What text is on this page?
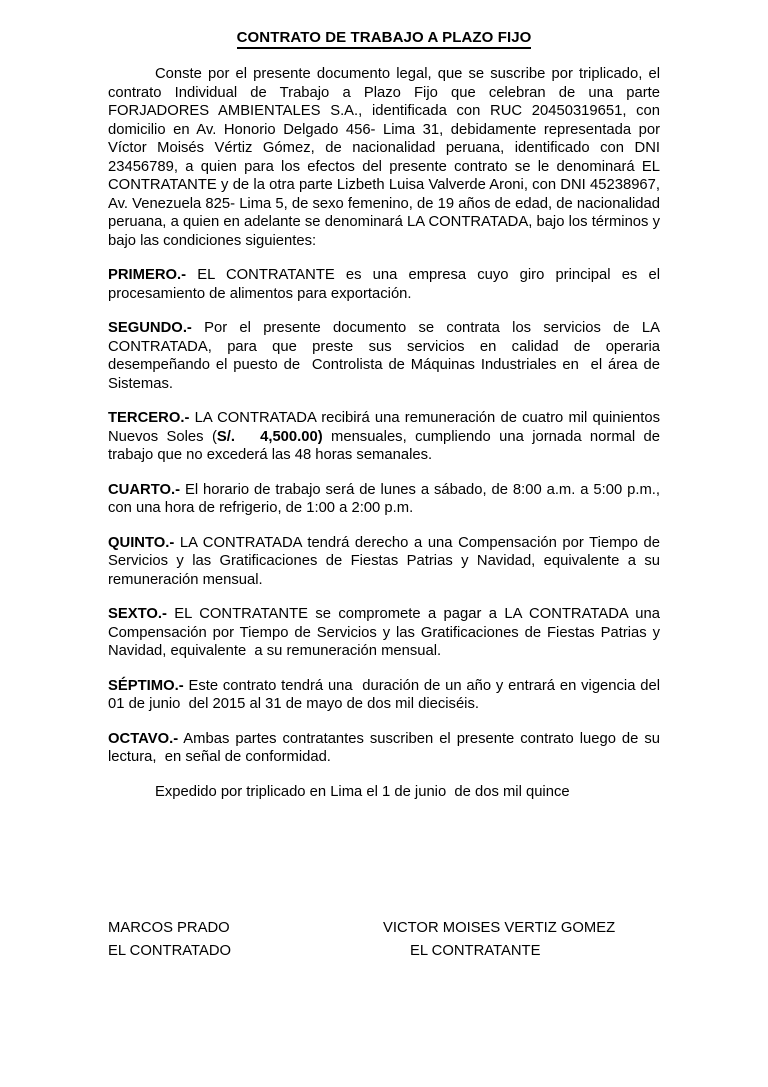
CONTRATO DE TRABAJO A PLAZO FIJO

Conste por el presente documento legal, que se suscribe por triplicado, el contrato Individual de Trabajo a Plazo Fijo que celebran de una parte FORJADORES AMBIENTALES S.A., identificada con RUC 20450319651, con domicilio en Av. Honorio Delgado 456- Lima 31, debidamente representada por Víctor Moisés Vértiz Gómez, de nacionalidad peruana, identificado con DNI 23456789, a quien para los efectos del presente contrato se le denominará EL CONTRATANTE y de la otra parte Lizbeth Luisa Valverde Aroni, con DNI 45238967, Av. Venezuela 825- Lima 5, de sexo femenino, de 19 años de edad, de nacionalidad peruana, a quien en adelante se denominará LA CONTRATADA, bajo los términos y bajo las condiciones siguientes:

PRIMERO.- EL CONTRATANTE es una empresa cuyo giro principal es el procesamiento de alimentos para exportación.

SEGUNDO.- Por el presente documento se contrata los servicios de LA CONTRATADA, para que preste sus servicios en calidad de operaria desempeñando el puesto de  Controlista de Máquinas Industriales en  el área de Sistemas.

TERCERO.- LA CONTRATADA recibirá una remuneración de cuatro mil quinientos Nuevos Soles (S/.   4,500.00) mensuales, cumpliendo una jornada normal de trabajo que no excederá las 48 horas semanales.

CUARTO.- El horario de trabajo será de lunes a sábado, de 8:00 a.m. a 5:00 p.m., con una hora de refrigerio, de 1:00 a 2:00 p.m.

QUINTO.- LA CONTRATADA tendrá derecho a una Compensación por Tiempo de Servicios y las Gratificaciones de Fiestas Patrias y Navidad, equivalente a su remuneración mensual.

SEXTO.- EL CONTRATANTE se compromete a pagar a LA CONTRATADA una Compensación por Tiempo de Servicios y las Gratificaciones de Fiestas Patrias y Navidad, equivalente  a su remuneración mensual.

SÉPTIMO.- Este contrato tendrá una  duración de un año y entrará en vigencia del 01 de junio  del 2015 al 31 de mayo de dos mil dieciséis.

OCTAVO.- Ambas partes contratantes suscriben el presente contrato luego de su lectura,  en señal de conformidad.

Expedido por triplicado en Lima el 1 de junio  de dos mil quince

MARCOS PRADO
EL CONTRATADO
VICTOR MOISES VERTIZ GOMEZ
EL CONTRATANTE
